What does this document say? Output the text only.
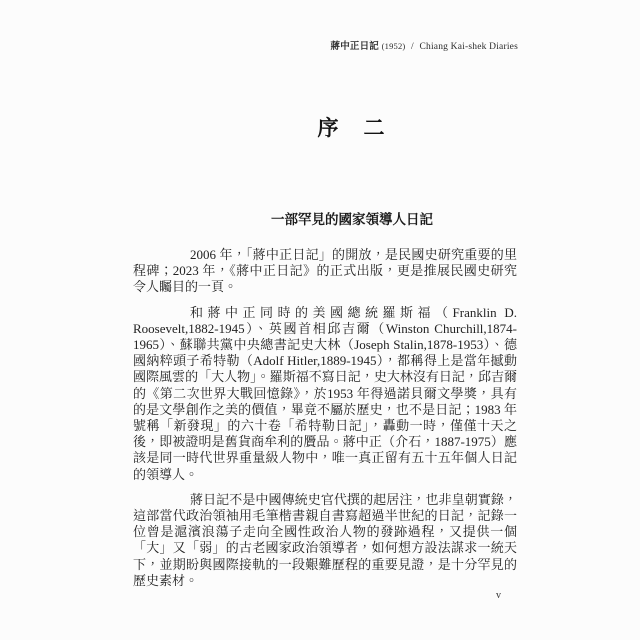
蔣中正日記 (1952) / Chiang Kai-shek Diaries
序 二
一部罕見的國家領導人日記

2006 年，「蔣中正日記」的開放，是民國史研究重要的里程碑；2023 年，《蔣中正日記》的正式出版，更是推展民國史研究令人矚目的一頁。

和蔣中正同時的美國總統羅斯福（Franklin D. Roosevelt,1882-1945）、英國首相邱吉爾（Winston Churchill,1874-1965）、蘇聯共黨中央總書記史大林（Joseph Stalin,1878-1953）、德國納粹頭子希特勒（Adolf Hitler,1889-1945），都稱得上是當年撼動國際風雲的「大人物」。羅斯福不寫日記，史大林沒有日記，邱吉爾的《第二次世界大戰回憶錄》，於1953 年得過諾貝爾文學獎，具有的是文學創作之美的價值，畢竟不屬於歷史，也不是日記；1983 年號稱「新發現」的六十卷「希特勒日記」，轟動一時，僅僅十天之後，即被證明是舊貨商牟利的贗品。蔣中正（介石，1887-1975）應該是同一時代世界重量級人物中，唯一真正留有五十五年個人日記的領導人。

蔣日記不是中國傳統史官代撰的起居注，也非皇朝實錄，這部當代政治領袖用毛筆楷書親自書寫超過半世紀的日記，記錄一位曾是滬濱浪蕩子走向全國性政治人物的發跡過程，又提供一個「大」又「弱」的古老國家政治領導者，如何想方設法謀求一統天下，並期盼與國際接軌的一段艱難歷程的重要見證，是十分罕見的歷史素材。

v
